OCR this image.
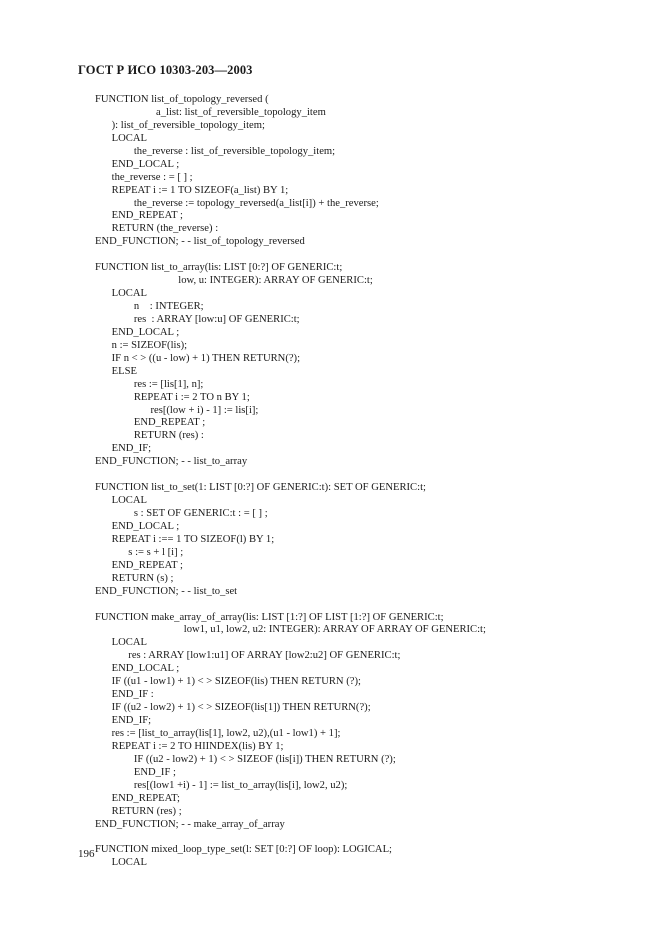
ГОСТ Р ИСО 10303-203—2003
FUNCTION list_of_topology_reversed (
a_list: list_of_reversible_topology_item
): list_of_reversible_topology_item;
LOCAL
the_reverse : list_of_reversible_topology_item;
END_LOCAL ;
the_reverse : = [ ] ;
REPEAT i := 1 TO SIZEOF(a_list) BY 1;
the_reverse := topology_reversed(a_list[i]) + the_reverse;
END_REPEAT ;
RETURN (the_reverse) :
END_FUNCTION; - - list_of_topology_reversed
FUNCTION list_to_array(lis: LIST [0:?] OF GENERIC:t;
low, u: INTEGER): ARRAY OF GENERIC:t;
LOCAL
n    : INTEGER;
res  : ARRAY [low:u] OF GENERIC:t;
END_LOCAL ;
n := SIZEOF(lis);
IF n < > ((u - low) + 1) THEN RETURN(?);
ELSE
res := [lis[1], n];
REPEAT i := 2 TO n BY 1;
res[(low + i) - 1] := lis[i];
END_REPEAT ;
RETURN (res) :
END_IF;
END_FUNCTION; - - list_to_array
FUNCTION list_to_set(1: LIST [0:?] OF GENERIC:t): SET OF GENERIC:t;
LOCAL
s : SET OF GENERIC:t : = [ ] ;
END_LOCAL ;
REPEAT i :== 1 TO SIZEOF(l) BY 1;
s := s + l [i] ;
END_REPEAT ;
RETURN (s) ;
END_FUNCTION; - - list_to_set
FUNCTION make_array_of_array(lis: LIST [1:?] OF LIST [1:?] OF GENERIC:t;
low1, u1, low2, u2: INTEGER): ARRAY OF ARRAY OF GENERIC:t;
LOCAL
res : ARRAY [low1:u1] OF ARRAY [low2:u2] OF GENERIC:t;
END_LOCAL ;
IF ((u1 - low1) + 1) < > SIZEOF(lis) THEN RETURN (?);
END_IF :
IF ((u2 - low2) + 1) < > SIZEOF(lis[1]) THEN RETURN(?);
END_IF;
res := [list_to_array(lis[1], low2, u2),(u1 - low1) + 1];
REPEAT i := 2 TO HIINDEX(lis) BY 1;
IF ((u2 - low2) + 1) < > SIZEOF (lis[i]) THEN RETURN (?);
END_IF ;
res[(low1 +i) - 1] := list_to_array(lis[i], low2, u2);
END_REPEAT;
RETURN (res) ;
END_FUNCTION; - - make_array_of_array
FUNCTION mixed_loop_type_set(l: SET [0:?] OF loop): LOGICAL;
LOCAL
196
